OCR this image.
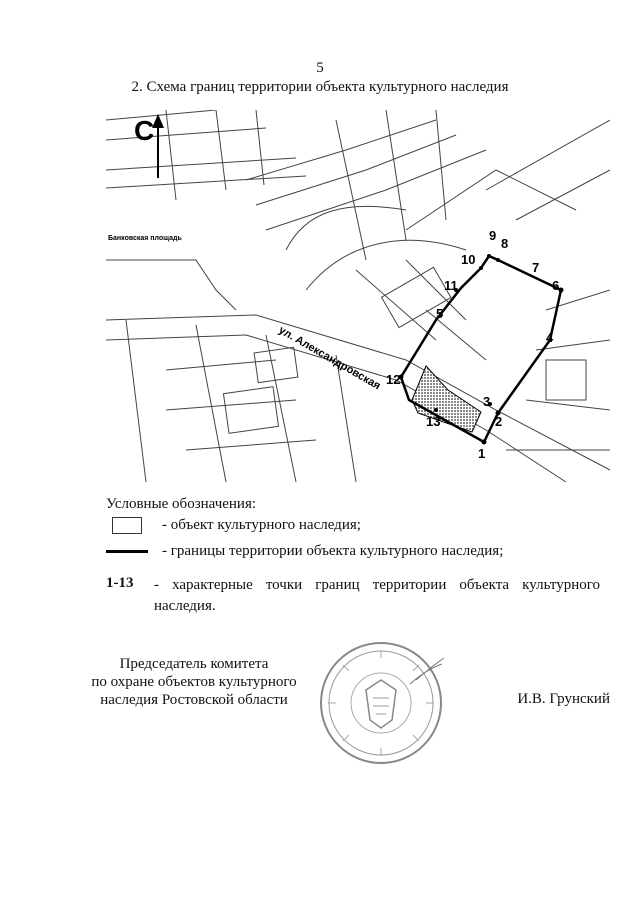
5
2. Схема границ территории объекта культурного наследия
С
Банковская площадь
ул. Александровская
1
2
3
4
5
6
7
8
9
10
11
12
13
Условные обозначения:
- объект культурного наследия;
- границы территории объекта культурного наследия;
1-13 - характерные точки границ территории объекта культурного наследия.
Председатель комитета
по охране объектов культурного
наследия Ростовской области	И.В. Грунский
